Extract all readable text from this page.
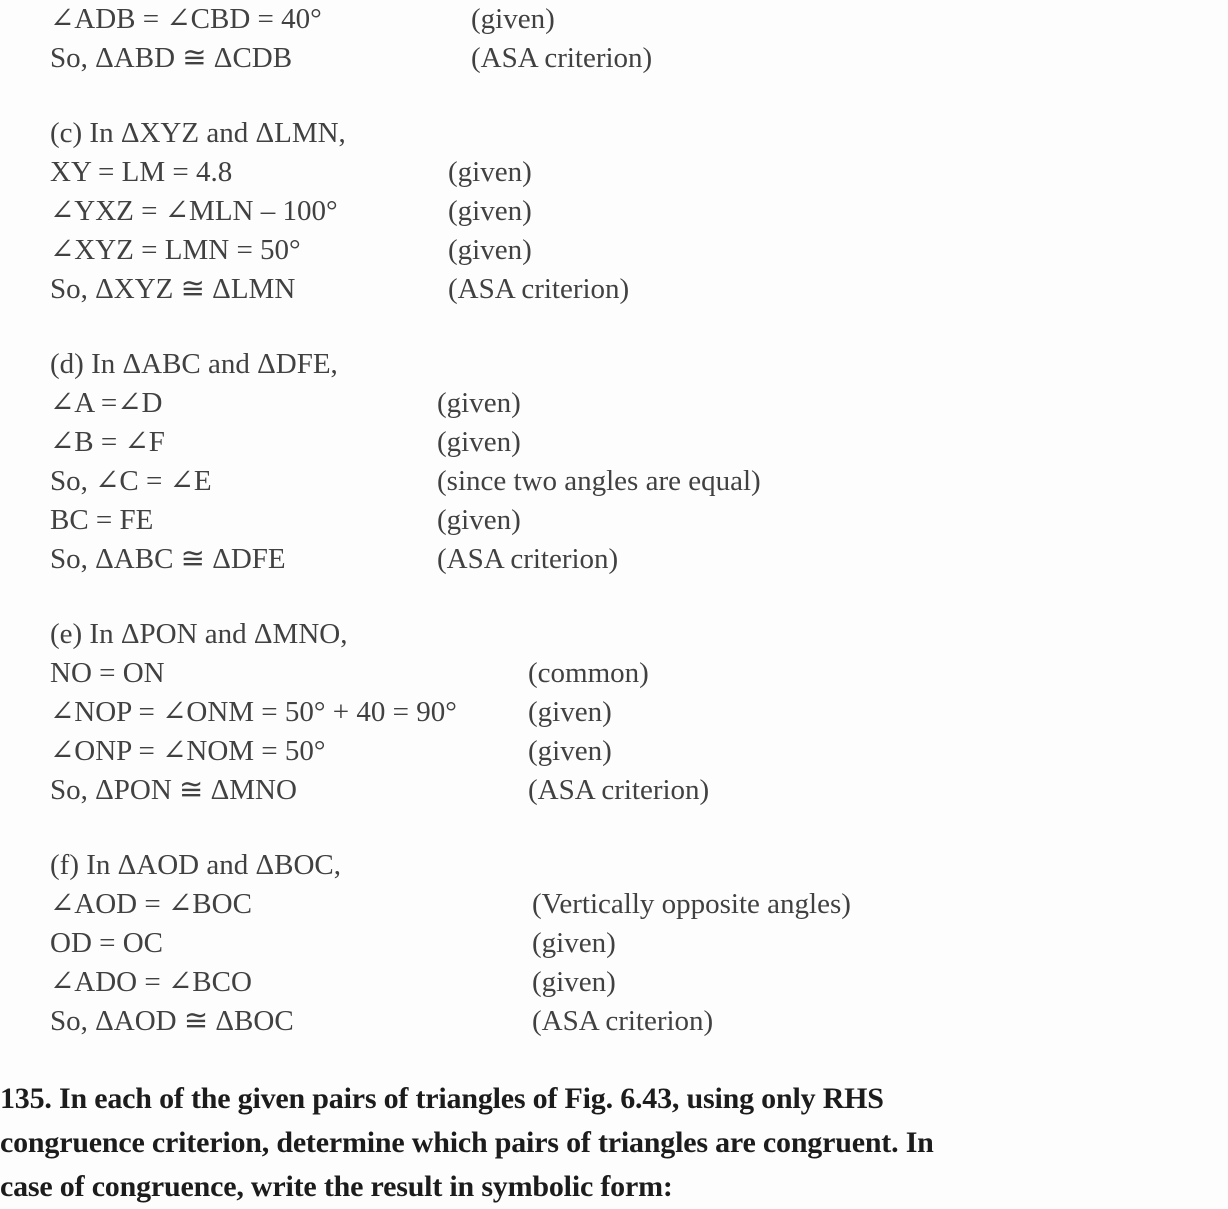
∠ADB = ∠CBD = 40°	(given)
So, ΔABD ≅ ΔCDB	(ASA criterion)
(c) In ΔXYZ and ΔLMN,
XY = LM = 4.8	(given)
∠YXZ = ∠MLN – 100°	(given)
∠XYZ = LMN = 50°	(given)
So, ΔXYZ ≅ ΔLMN	(ASA criterion)
(d) In ΔABC and ΔDFE,
∠A =∠D	(given)
∠B = ∠F	(given)
So, ∠C = ∠E	(since two angles are equal)
BC = FE	(given)
So, ΔABC ≅ ΔDFE	(ASA criterion)
(e) In ΔPON and ΔMNO,
NO = ON	(common)
∠NOP = ∠ONM = 50° + 40 = 90°	(given)
∠ONP = ∠NOM = 50°	(given)
So, ΔPON ≅ ΔMNO	(ASA criterion)
(f) In ΔAOD and ΔBOC,
∠AOD = ∠BOC	(Vertically opposite angles)
OD = OC	(given)
∠ADO = ∠BCO	(given)
So, ΔAOD ≅ ΔBOC	(ASA criterion)
135. In each of the given pairs of triangles of Fig. 6.43, using only RHS
congruence criterion, determine which pairs of triangles are congruent. In
case of congruence, write the result in symbolic form:
